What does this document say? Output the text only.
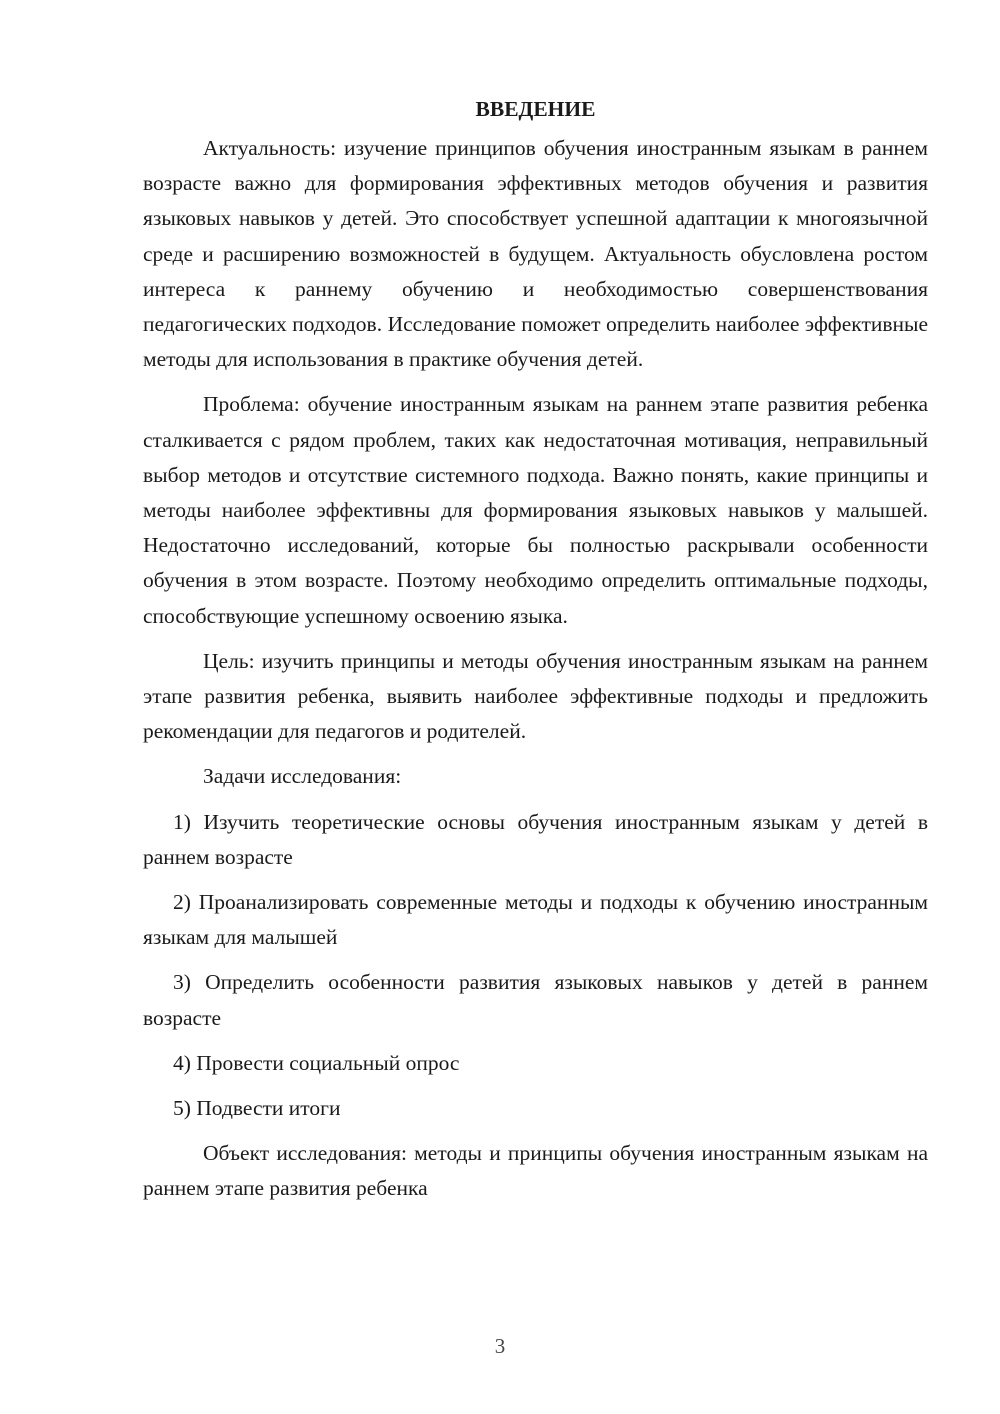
ВВЕДЕНИЕ

Актуальность: изучение принципов обучения иностранным языкам в раннем возрасте важно для формирования эффективных методов обучения и развития языковых навыков у детей. Это способствует успешной адаптации к многоязычной среде и расширению возможностей в будущем. Актуальность обусловлена ростом интереса к раннему обучению и необходимостью совершенствования педагогических подходов. Исследование поможет определить наиболее эффективные методы для использования в практике обучения детей.

Проблема: обучение иностранным языкам на раннем этапе развития ребенка сталкивается с рядом проблем, таких как недостаточная мотивация, неправильный выбор методов и отсутствие системного подхода. Важно понять, какие принципы и методы наиболее эффективны для формирования языковых навыков у малышей. Недостаточно исследований, которые бы полностью раскрывали особенности обучения в этом возрасте. Поэтому необходимо определить оптимальные подходы, способствующие успешному освоению языка.

Цель: изучить принципы и методы обучения иностранным языкам на раннем этапе развития ребенка, выявить наиболее эффективные подходы и предложить рекомендации для педагогов и родителей.

Задачи исследования:

1) Изучить теоретические основы обучения иностранным языкам у детей в раннем возрасте

2) Проанализировать современные методы и подходы к обучению иностранным языкам для малышей

3) Определить особенности развития языковых навыков у детей в раннем возрасте

4) Провести социальный опрос

5) Подвести итоги

Объект исследования: методы и принципы обучения иностранным языкам на раннем этапе развития ребенка

3
